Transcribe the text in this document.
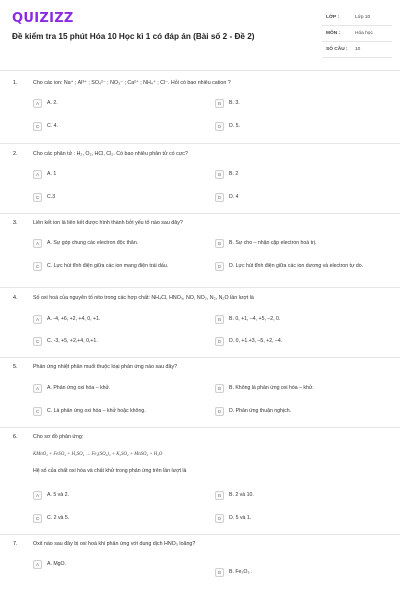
QUIZIZZ
Đề kiểm tra 15 phút Hóa 10 Học kì 1 có đáp án (Bài số 2 - Đề 2)
LỚP :	Lớp 10
MÔN :	Hóa học
SỐ CÂU :	10
1.	Cho các ion: Na⁺ ; Al³⁺ ; SO₄²⁻ ; NO₃⁻ ; Ca²⁺ ; NH₄⁺ ; Cl⁻. Hỏi có bao nhiêu cation ?
A	A. 2.	B	B. 3.
C	C. 4.	D	D. 5.
2.	Cho các phân tử : H₂, O₂, HCl, Cl₂. Có bao nhiêu phân tử có cực?
A	A. 1	B	B. 2
C	C.3	D	D. 4
3.	Liên kết ion là liên kết được hình thành bởi yếu tố nào sau đây?
A	A. Sự góp chung các electron độc thân.	B	B. Sự cho – nhận cặp electron hoá trị.
C	C. Lực hút tĩnh điện giữa các ion mang điện trái dấu.	D	D. Lực hút tĩnh điện giữa các ion dương và electron tự do.
4.	Số oxi hoá của nguyên tố nito trong các hợp chất: NH₄Cl, HNO₃, NO, NO₂, N₂, N₂O lần lượt là
A	A. -4, +6, +2, +4, 0, +1.	B	B. 0, +1, –4, +5, –2, 0.
C	C. -3, +5, +2,+4, 0,+1.	D	D. 0, +1.+3, –5, +2, –4.
5.	Phản ứng nhiệt phân muối thuộc loại phản ứng nào sau đây?
A	A. Phản ứng oxi hóa – khử.	B	B. Không là phản ứng oxi hóa – khử.
C	C. Là phản ứng oxi hóa – khử hoặc không.	D	D. Phản ứng thuận nghịch.
6.	Cho sơ đồ phản ứng:
KMnO₄ + FeSO₄ + H₂SO₄ → Fe₂(SO₄)₃ + K₂SO₄ + MnSO₄ + H₂O
Hệ số của chất oxi hóa và chất khử trong phản ứng trên lần lượt là
A	A. 5 và 2.	B	B. 2 và 10.
C	C. 2 và 5.	D	D. 5 và 1.
7.	Oxit nào sau đây bị oxi hoá khi phản ứng với dung dịch HNO₃ loãng?
A	A. MgO.
B	B. Fe₂O₃ .
